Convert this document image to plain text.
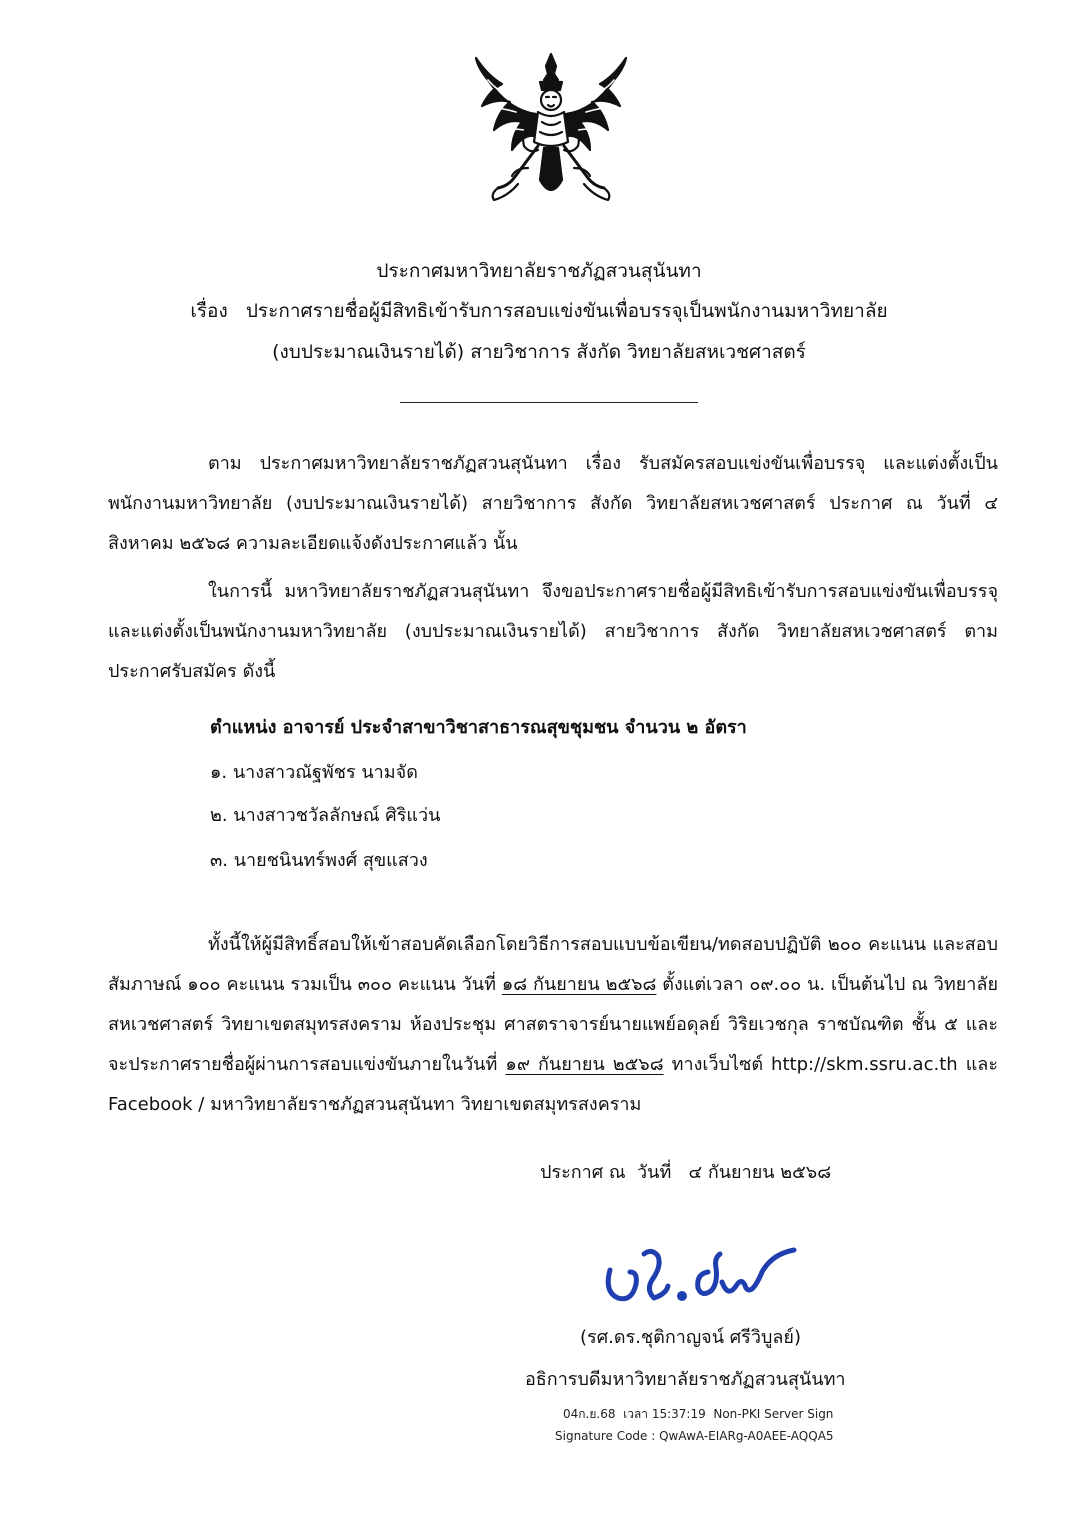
ประกาศมหาวิทยาลัยราชภัฏสวนสุนันทา
เรื่อง   ประกาศรายชื่อผู้มีสิทธิเข้ารับการสอบแข่งขันเพื่อบรรจุเป็นพนักงานมหาวิทยาลัย
(งบประมาณเงินรายได้) สายวิชาการ สังกัด วิทยาลัยสหเวชศาสตร์
ตาม ประกาศมหาวิทยาลัยราชภัฏสวนสุนันทา เรื่อง รับสมัครสอบแข่งขันเพื่อบรรจุ และแต่งตั้งเป็นพนักงานมหาวิทยาลัย (งบประมาณเงินรายได้) สายวิชาการ สังกัด วิทยาลัยสหเวชศาสตร์ ประกาศ ณ วันที่ ๔ สิงหาคม ๒๕๖๘ ความละเอียดแจ้งดังประกาศแล้ว นั้น
ในการนี้ มหาวิทยาลัยราชภัฏสวนสุนันทา จึงขอประกาศรายชื่อผู้มีสิทธิเข้ารับการสอบแข่งขันเพื่อบรรจุ และแต่งตั้งเป็นพนักงานมหาวิทยาลัย (งบประมาณเงินรายได้) สายวิชาการ สังกัด วิทยาลัยสหเวชศาสตร์ ตามประกาศรับสมัคร ดังนี้
ตำแหน่ง อาจารย์ ประจำสาขาวิชาสาธารณสุขชุมชน จำนวน ๒ อัตรา
๑. นางสาวณัฐพัชร นามจัด
๒. นางสาวชวัลลักษณ์ ศิริแว่น
๓. นายชนินทร์พงศ์ สุขแสวง
ทั้งนี้ให้ผู้มีสิทธิ์สอบให้เข้าสอบคัดเลือกโดยวิธีการสอบแบบข้อเขียน/ทดสอบปฏิบัติ ๒๐๐ คะแนน และสอบสัมภาษณ์ ๑๐๐ คะแนน รวมเป็น ๓๐๐ คะแนน วันที่ ๑๘ กันยายน ๒๕๖๘ ตั้งแต่เวลา ๐๙.๐๐ น. เป็นต้นไป ณ วิทยาลัยสหเวชศาสตร์ วิทยาเขตสมุทรสงคราม ห้องประชุม ศาสตราจารย์นายแพย์อดุลย์ วิริยเวชกุล ราชบัณฑิต ชั้น ๕ และจะประกาศรายชื่อผู้ผ่านการสอบแข่งขันภายในวันที่ ๑๙ กันยายน ๒๕๖๘ ทางเว็บไซต์ http://skm.ssru.ac.th และ Facebook / มหาวิทยาลัยราชภัฏสวนสุนันทา วิทยาเขตสมุทรสงคราม
ประกาศ ณ  วันที่   ๔ กันยายน ๒๕๖๘
(รศ.ดร.ชุติกาญจน์ ศรีวิบูลย์)
อธิการบดีมหาวิทยาลัยราชภัฏสวนสุนันทา
04ก.ย.68  เวลา 15:37:19  Non-PKI Server Sign
Signature Code : QwAwA-EIARg-A0AEE-AQQA5
